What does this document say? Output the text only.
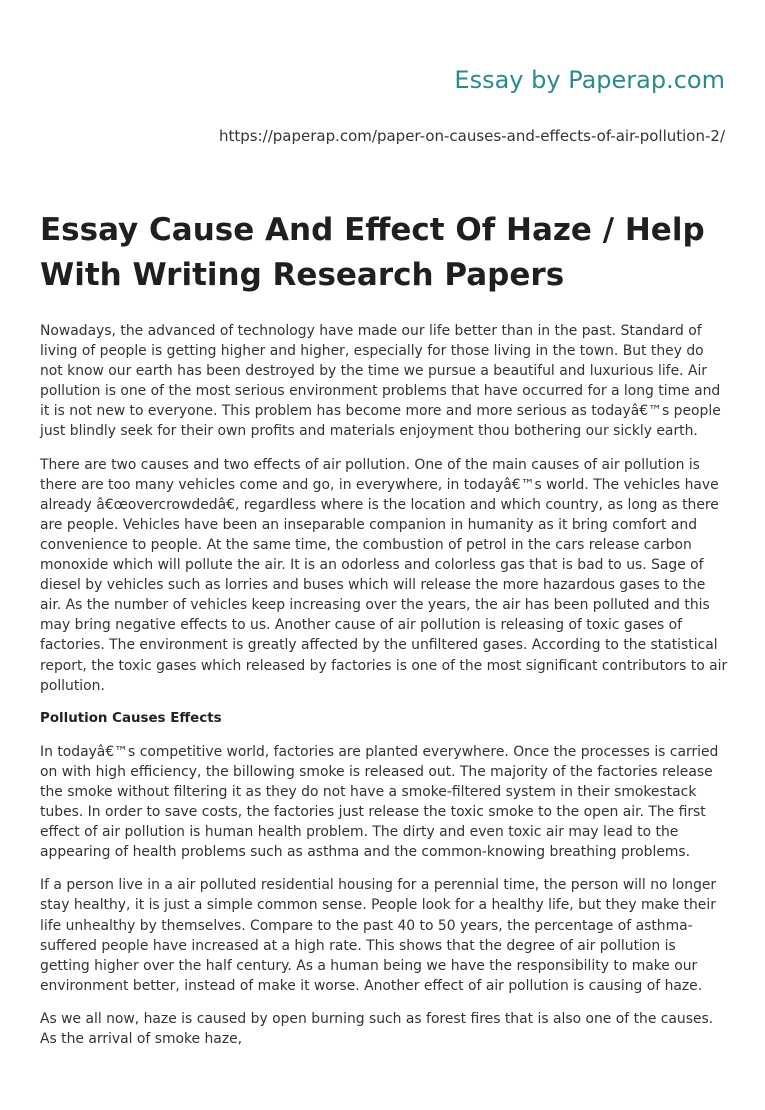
Essay by Paperap.com
https://paperap.com/paper-on-causes-and-effects-of-air-pollution-2/
Essay Cause And Effect Of Haze / Help With Writing Research Papers

Nowadays, the advanced of technology have made our life better than in the past. Standard of living of people is getting higher and higher, especially for those living in the town. But they do not know our earth has been destroyed by the time we pursue a beautiful and luxurious life. Air pollution is one of the most serious environment problems that have occurred for a long time and it is not new to everyone. This problem has become more and more serious as todayâ€™s people just blindly seek for their own profits and materials enjoyment thou bothering our sickly earth.

There are two causes and two effects of air pollution. One of the main causes of air pollution is there are too many vehicles come and go, in everywhere, in todayâ€™s world. The vehicles have already â€œovercrowdedâ€, regardless where is the location and which country, as long as there are people. Vehicles have been an inseparable companion in humanity as it bring comfort and convenience to people. At the same time, the combustion of petrol in the cars release carbon monoxide which will pollute the air. It is an odorless and colorless gas that is bad to us. Sage of diesel by vehicles such as lorries and buses which will release the more hazardous gases to the air. As the number of vehicles keep increasing over the years, the air has been polluted and this may bring negative effects to us. Another cause of air pollution is releasing of toxic gases of factories. The environment is greatly affected by the unfiltered gases. According to the statistical report, the toxic gases which released by factories is one of the most significant contributors to air pollution.

Pollution Causes Effects

In todayâ€™s competitive world, factories are planted everywhere. Once the processes is carried on with high efficiency, the billowing smoke is released out. The majority of the factories release the smoke without filtering it as they do not have a smoke-filtered system in their smokestack tubes. In order to save costs, the factories just release the toxic smoke to the open air. The first effect of air pollution is human health problem. The dirty and even toxic air may lead to the appearing of health problems such as asthma and the common-knowing breathing problems.

If a person live in a air polluted residential housing for a perennial time, the person will no longer stay healthy, it is just a simple common sense. People look for a healthy life, but they make their life unhealthy by themselves. Compare to the past 40 to 50 years, the percentage of asthma-suffered people have increased at a high rate. This shows that the degree of air pollution is getting higher over the half century. As a human being we have the responsibility to make our environment better, instead of make it worse. Another effect of air pollution is causing of haze.

As we all now, haze is caused by open burning such as forest fires that is also one of the causes. As the arrival of smoke haze,
